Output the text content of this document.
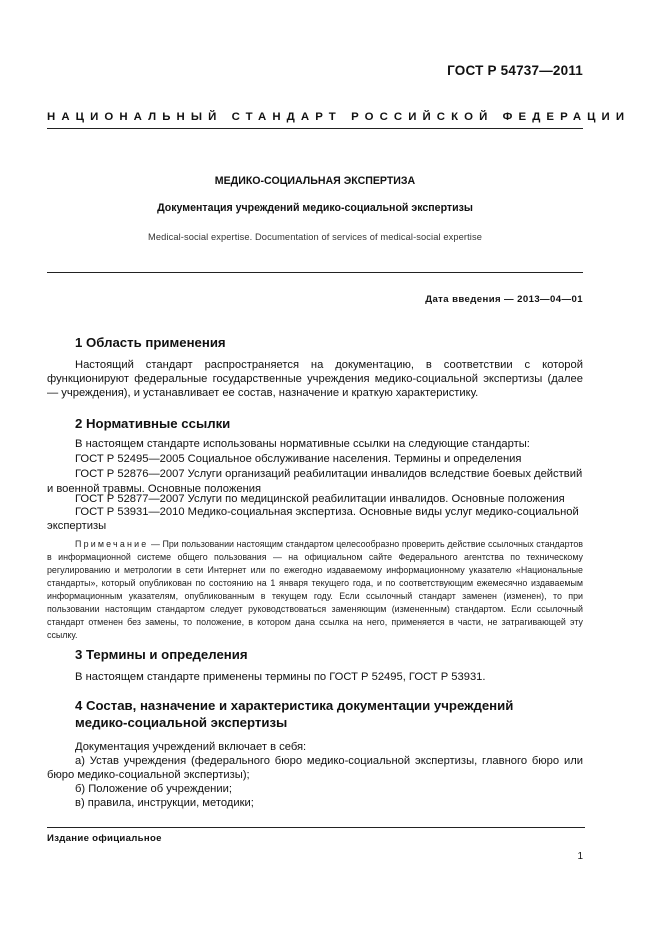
ГОСТ Р 54737—2011
НАЦИОНАЛЬНЫЙ СТАНДАРТ РОССИЙСКОЙ ФЕДЕРАЦИИ
МЕДИКО-СОЦИАЛЬНАЯ ЭКСПЕРТИЗА
Документация учреждений медико-социальной экспертизы
Medical-social expertise. Documentation of services of medical-social expertise
Дата введения — 2013—04—01
1 Область применения
Настоящий стандарт распространяется на документацию, в соответствии с которой функционируют федеральные государственные учреждения медико-социальной экспертизы (далее — учреждения), и устанавливает ее состав, назначение и краткую характеристику.
2 Нормативные ссылки
В настоящем стандарте использованы нормативные ссылки на следующие стандарты:
ГОСТ Р 52495—2005 Социальное обслуживание населения. Термины и определения
ГОСТ Р 52876—2007 Услуги организаций реабилитации инвалидов вследствие боевых действий
и военной травмы. Основные положения
ГОСТ Р 52877—2007 Услуги по медицинской реабилитации инвалидов. Основные положения
ГОСТ Р 53931—2010 Медико-социальная экспертиза. Основные виды услуг медико-социальной
экспертизы

Примечание — При пользовании настоящим стандартом целесообразно проверить действие ссылочных стандартов в информационной системе общего пользования — на официальном сайте Федерального агентства по техническому регулированию и метрологии в сети Интернет или по ежегодно издаваемому информационному указателю «Национальные стандарты», который опубликован по состоянию на 1 января текущего года, и по соответствующим ежемесячно издаваемым информационным указателям, опубликованным в текущем году. Если ссылочный стандарт заменен (изменен), то при пользовании настоящим стандартом следует руководствоваться заменяющим (измененным) стандартом. Если ссылочный стандарт отменен без замены, то положение, в котором дана ссылка на него, применяется в части, не затрагивающей эту ссылку.

3 Термины и определения
В настоящем стандарте применены термины по ГОСТ Р 52495, ГОСТ Р 53931.
4 Состав, назначение и характеристика документации учреждений
медико-социальной экспертизы
Документация учреждений включает в себя:
а) Устав учреждения (федерального бюро медико-социальной экспертизы, главного бюро или
бюро медико-социальной экспертизы);
б) Положение об учреждении;
в) правила, инструкции, методики;
Издание официальное
1
